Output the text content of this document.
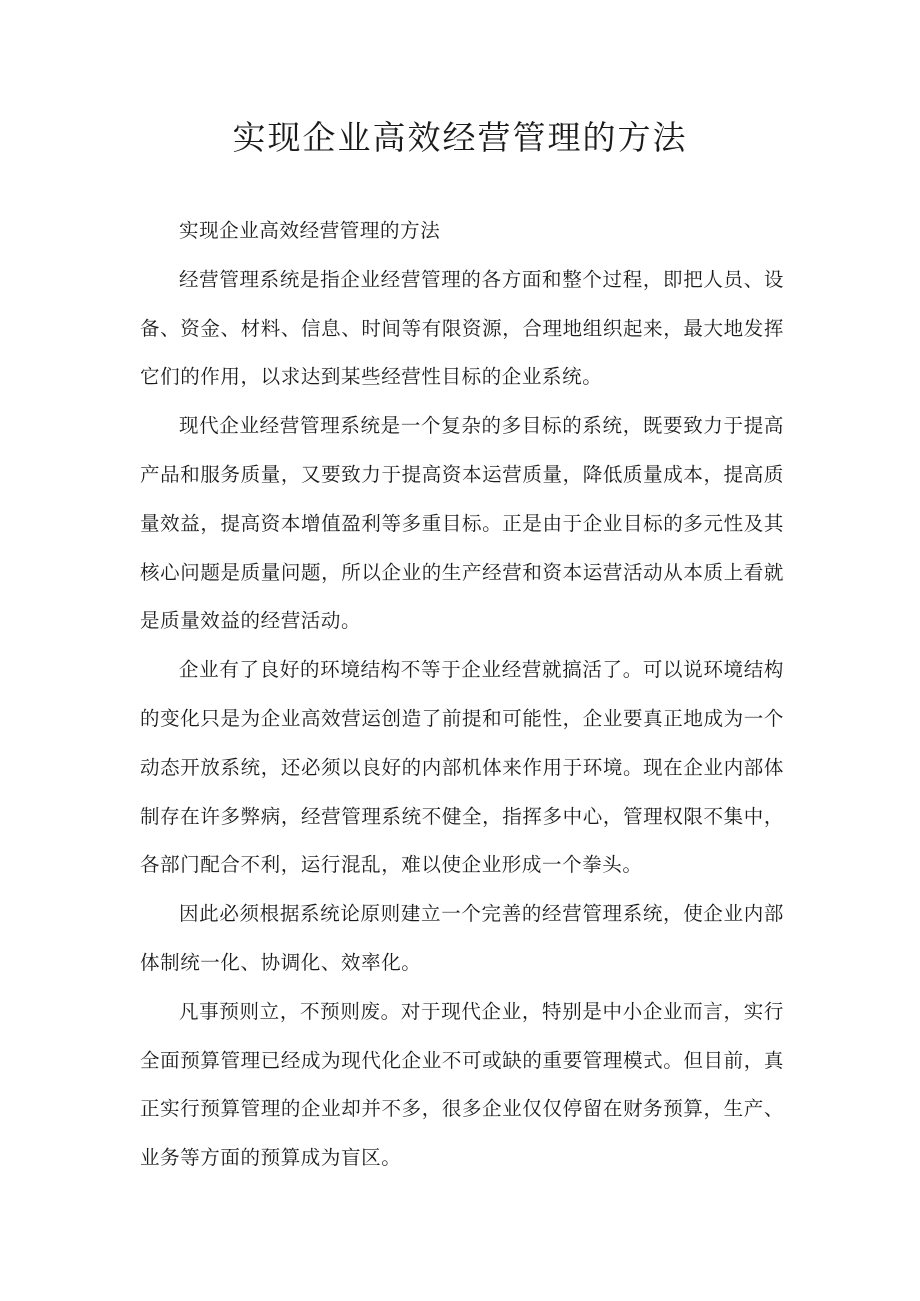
实现企业高效经营管理的方法

实现企业高效经营管理的方法

经营管理系统是指企业经营管理的各方面和整个过程，即把人员、设备、资金、材料、信息、时间等有限资源，合理地组织起来，最大地发挥它们的作用，以求达到某些经营性目标的企业系统。

现代企业经营管理系统是一个复杂的多目标的系统，既要致力于提高产品和服务质量，又要致力于提高资本运营质量，降低质量成本，提高质量效益，提高资本增值盈利等多重目标。正是由于企业目标的多元性及其核心问题是质量问题，所以企业的生产经营和资本运营活动从本质上看就是质量效益的经营活动。

企业有了良好的环境结构不等于企业经营就搞活了。可以说环境结构的变化只是为企业高效营运创造了前提和可能性，企业要真正地成为一个动态开放系统，还必须以良好的内部机体来作用于环境。现在企业内部体制存在许多弊病，经营管理系统不健全，指挥多中心，管理权限不集中，各部门配合不利，运行混乱，难以使企业形成一个拳头。

因此必须根据系统论原则建立一个完善的经营管理系统，使企业内部体制统一化、协调化、效率化。

凡事预则立，不预则废。对于现代企业，特别是中小企业而言，实行全面预算管理已经成为现代化企业不可或缺的重要管理模式。但目前，真正实行预算管理的企业却并不多，很多企业仅仅停留在财务预算，生产、业务等方面的预算成为盲区。
